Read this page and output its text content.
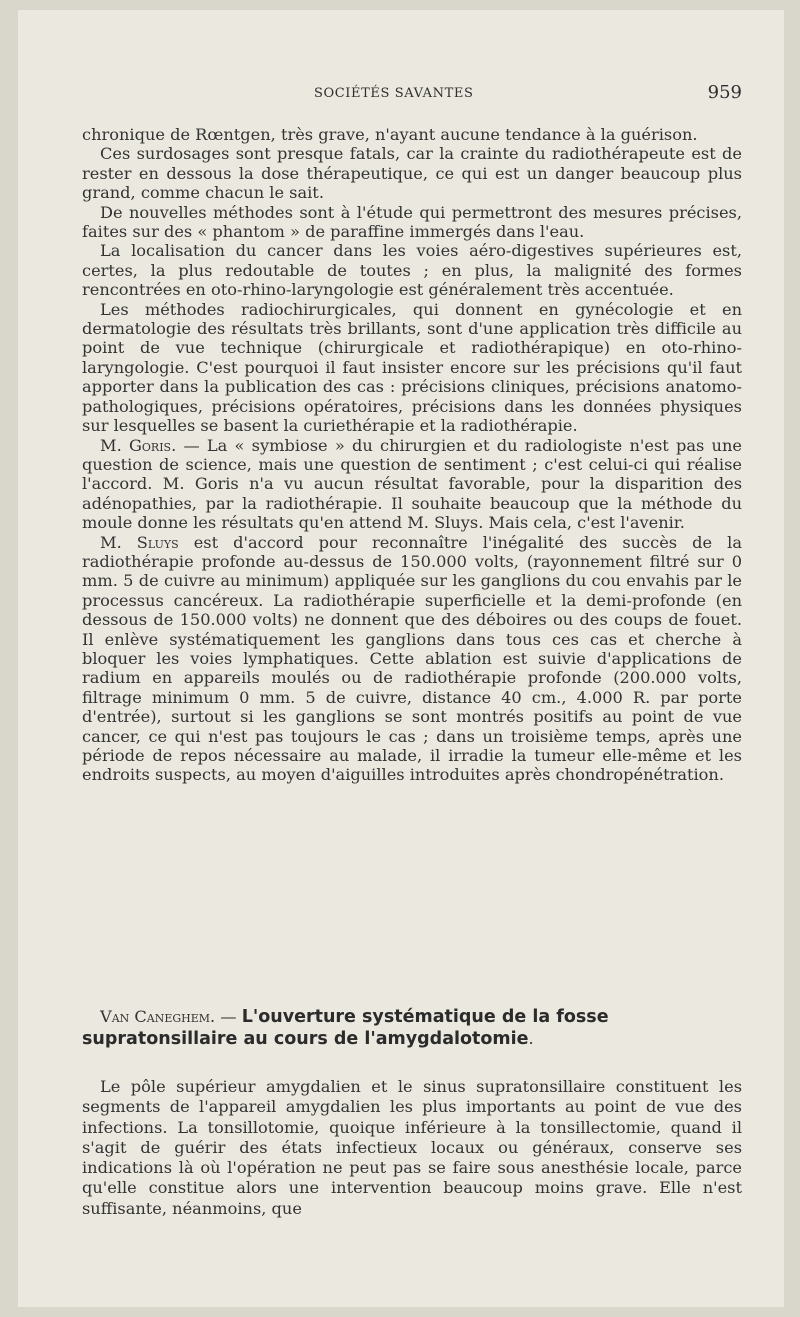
SOCIÉTÉS SAVANTES	959

chronique de Rœntgen, très grave, n'ayant aucune tendance à la guérison.

Ces surdosages sont presque fatals, car la crainte du radiothérapeute est de rester en dessous la dose thérapeutique, ce qui est un danger beaucoup plus grand, comme chacun le sait.

De nouvelles méthodes sont à l'étude qui permettront des mesures précises, faites sur des « phantom » de paraffine immergés dans l'eau.

La localisation du cancer dans les voies aéro-digestives supérieures est, certes, la plus redoutable de toutes ; en plus, la malignité des formes rencontrées en oto-rhino-laryngologie est généralement très accentuée.

Les méthodes radiochirurgicales, qui donnent en gynécologie et en dermatologie des résultats très brillants, sont d'une application très difficile au point de vue technique (chirurgicale et radiothérapique) en oto-rhino-laryngologie. C'est pourquoi il faut insister encore sur les précisions qu'il faut apporter dans la publication des cas : précisions cliniques, précisions anatomo-pathologiques, précisions opératoires, précisions dans les données physiques sur lesquelles se basent la curiethérapie et la radiothérapie.

M. Goris. — La « symbiose » du chirurgien et du radiologiste n'est pas une question de science, mais une question de sentiment ; c'est celui-ci qui réalise l'accord. M. Goris n'a vu aucun résultat favorable, pour la disparition des adénopathies, par la radiothérapie. Il souhaite beaucoup que la méthode du moule donne les résultats qu'en attend M. Sluys. Mais cela, c'est l'avenir.

M. Sluys est d'accord pour reconnaître l'inégalité des succès de la radiothérapie profonde au-dessus de 150.000 volts, (rayonnement filtré sur 0 mm. 5 de cuivre au minimum) appliquée sur les ganglions du cou envahis par le processus cancéreux. La radiothérapie superficielle et la demi-profonde (en dessous de 150.000 volts) ne donnent que des déboires ou des coups de fouet. Il enlève systématiquement les ganglions dans tous ces cas et cherche à bloquer les voies lymphatiques. Cette ablation est suivie d'applications de radium en appareils moulés ou de radiothérapie profonde (200.000 volts, filtrage minimum 0 mm. 5 de cuivre, distance 40 cm., 4.000 R. par porte d'entrée), surtout si les ganglions se sont montrés positifs au point de vue cancer, ce qui n'est pas toujours le cas ; dans un troisième temps, après une période de repos nécessaire au malade, il irradie la tumeur elle-même et les endroits suspects, au moyen d'aiguilles introduites après chondropénétration.

Van Caneghem. — L'ouverture systématique de la fosse supratonsillaire au cours de l'amygdalotomie.

Le pôle supérieur amygdalien et le sinus supratonsillaire constituent les segments de l'appareil amygdalien les plus importants au point de vue des infections. La tonsillotomie, quoique inférieure à la tonsillectomie, quand il s'agit de guérir des états infectieux locaux ou généraux, conserve ses indications là où l'opération ne peut pas se faire sous anesthésie locale, parce qu'elle constitue alors une intervention beaucoup moins grave. Elle n'est suffisante, néanmoins, que
